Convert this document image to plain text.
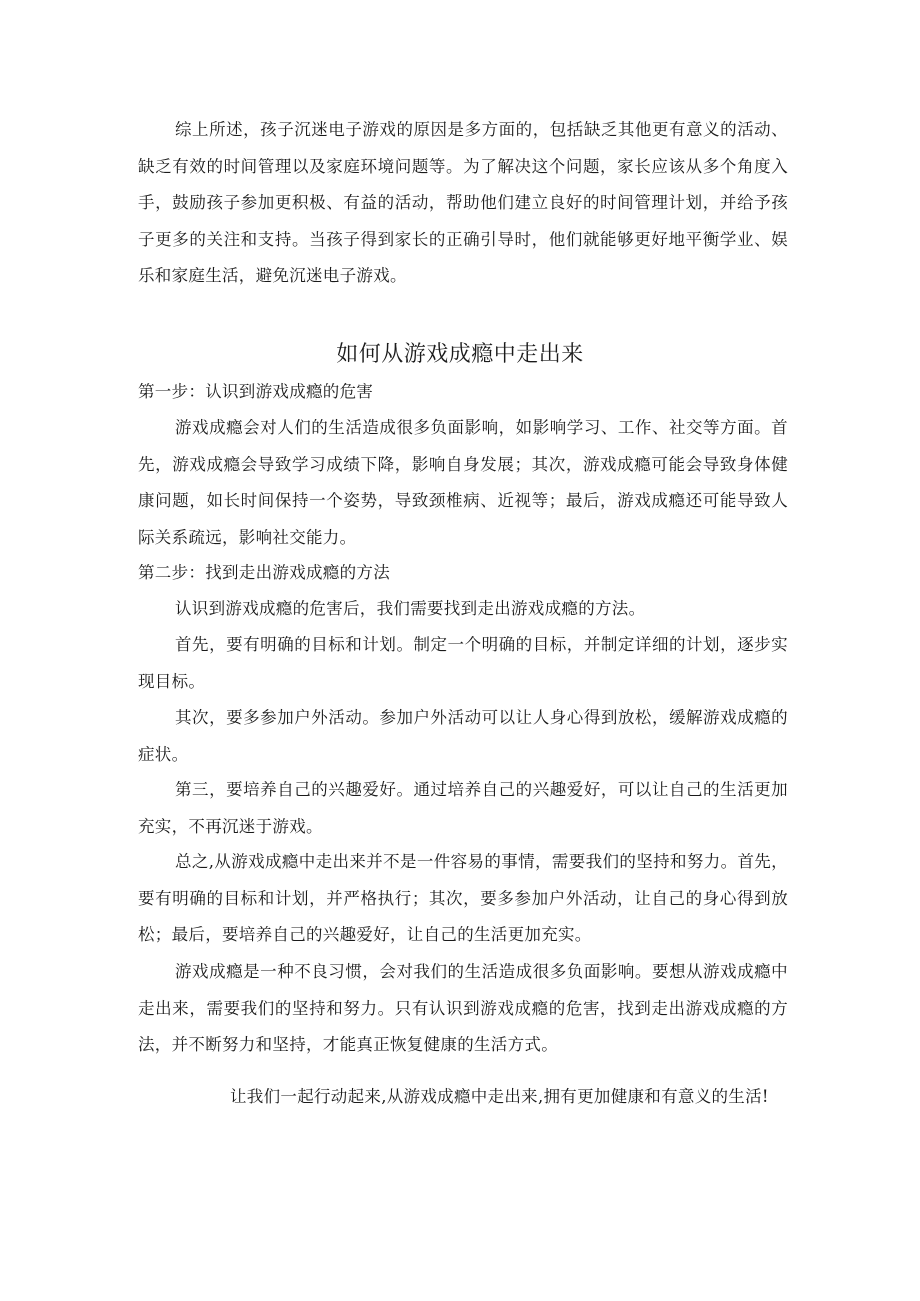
综上所述，孩子沉迷电子游戏的原因是多方面的，包括缺乏其他更有意义的活动、缺乏有效的时间管理以及家庭环境问题等。为了解决这个问题，家长应该从多个角度入手，鼓励孩子参加更积极、有益的活动，帮助他们建立良好的时间管理计划，并给予孩子更多的关注和支持。当孩子得到家长的正确引导时，他们就能够更好地平衡学业、娱乐和家庭生活，避免沉迷电子游戏。

如何从游戏成瘾中走出来

第一步：认识到游戏成瘾的危害

游戏成瘾会对人们的生活造成很多负面影响，如影响学习、工作、社交等方面。首先，游戏成瘾会导致学习成绩下降，影响自身发展；其次，游戏成瘾可能会导致身体健康问题，如长时间保持一个姿势，导致颈椎病、近视等；最后，游戏成瘾还可能导致人际关系疏远，影响社交能力。

第二步：找到走出游戏成瘾的方法

认识到游戏成瘾的危害后，我们需要找到走出游戏成瘾的方法。

首先，要有明确的目标和计划。制定一个明确的目标，并制定详细的计划，逐步实现目标。

其次，要多参加户外活动。参加户外活动可以让人身心得到放松，缓解游戏成瘾的症状。

第三，要培养自己的兴趣爱好。通过培养自己的兴趣爱好，可以让自己的生活更加充实，不再沉迷于游戏。

总之,从游戏成瘾中走出来并不是一件容易的事情，需要我们的坚持和努力。首先，要有明确的目标和计划，并严格执行；其次，要多参加户外活动，让自己的身心得到放松；最后，要培养自己的兴趣爱好，让自己的生活更加充实。

游戏成瘾是一种不良习惯，会对我们的生活造成很多负面影响。要想从游戏成瘾中走出来，需要我们的坚持和努力。只有认识到游戏成瘾的危害，找到走出游戏成瘾的方法，并不断努力和坚持，才能真正恢复健康的生活方式。

让我们一起行动起来,从游戏成瘾中走出来,拥有更加健康和有意义的生活!
